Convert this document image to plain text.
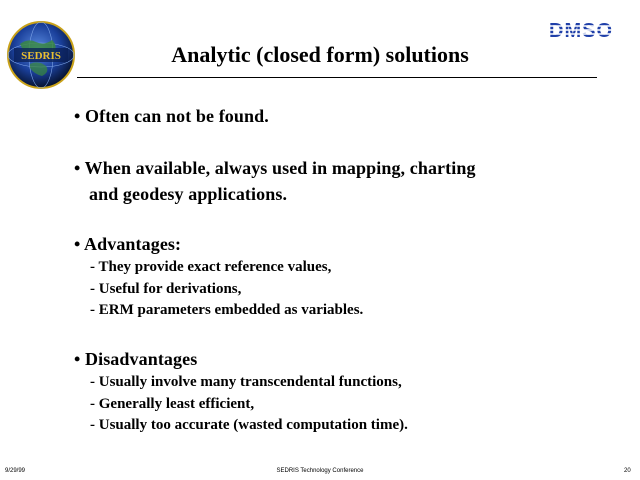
SEDRIS
DMSO
Analytic (closed form) solutions
• Often can not be found.
• When available, always used in mapping, charting
and geodesy applications.
• Advantages:
- They provide exact reference values,
- Useful for derivations,
- ERM parameters embedded as variables.
• Disadvantages
- Usually involve many transcendental functions,
- Generally least efficient,
- Usually too accurate (wasted computation time).
9/29/99	SEDRIS Technology Conference	20
